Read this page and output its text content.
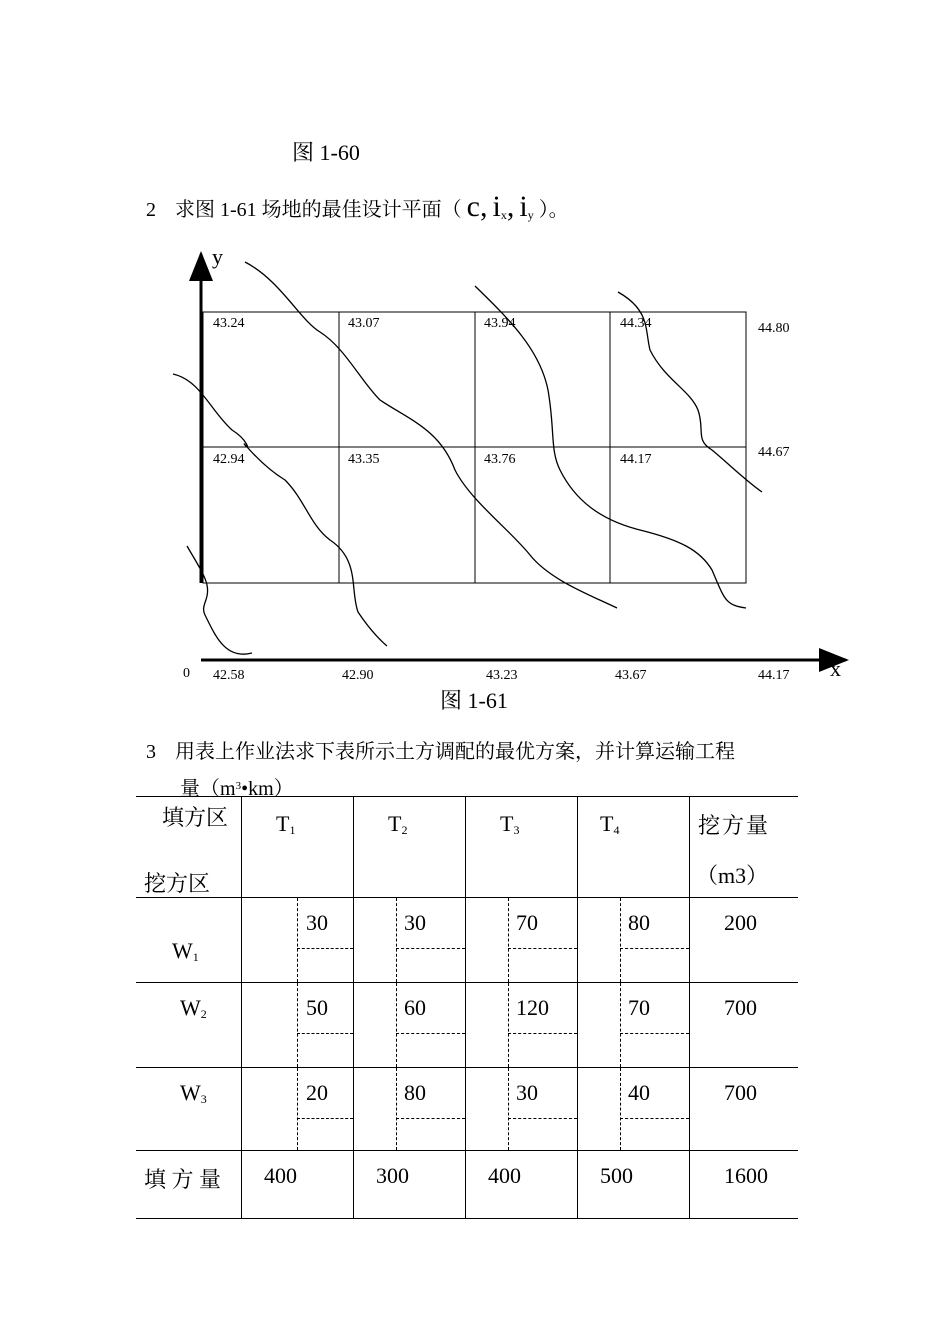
图 1-60
2 求图 1-61 场地的最佳设计平面（ c, $i_x$, $i_y$ ）。
y
x
0
43.24	43.07	43.94	44.34	44.80
42.94	43.35	43.76	44.17	44.67
42.58	42.90	43.23	43.67	44.17
图 1-61
3 用表上作业法求下表所示土方调配的最优方案，并计算运输工程
量$(m^3•km)$
填方区
挖方区	$T_1$	$T_2$	$T_3$	$T_4$	挖方量
（m3）

$W_1$	30	30	70	80	200

$W_2$	50	60	120	70	700

$W_3$	20	80	30	40	700

填 方 量	400	300	400	500	1600
